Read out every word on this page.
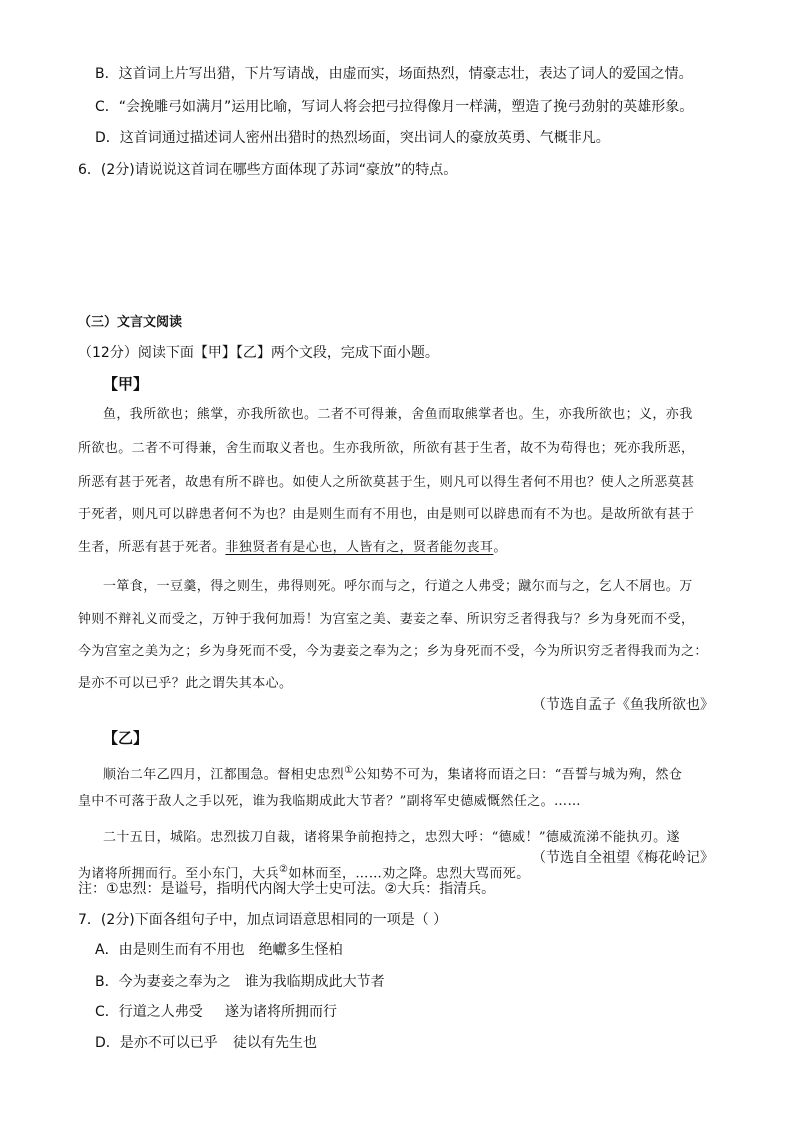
B．这首词上片写出猎，下片写请战，由虚而实，场面热烈，情豪志壮，表达了词人的爱国之情。
C．“会挽雕弓如满月”运用比喻，写词人将会把弓拉得像月一样满，塑造了挽弓劲射的英雄形象。
D．这首词通过描述词人密州出猎时的热烈场面，突出词人的豪放英勇、气概非凡。
6．(2分)请说说这首词在哪些方面体现了苏词“豪放”的特点。
（三）文言文阅读
（12分）阅读下面【甲】【乙】两个文段，完成下面小题。
【甲】
鱼，我所欲也；熊掌，亦我所欲也。二者不可得兼，舍鱼而取熊掌者也。生，亦我所欲也；义，亦我
所欲也。二者不可得兼，舍生而取义者也。生亦我所欲，所欲有甚于生者，故不为苟得也；死亦我所恶，
所恶有甚于死者，故患有所不辟也。如使人之所欲莫甚于生，则凡可以得生者何不用也？使人之所恶莫甚
于死者，则凡可以辟患者何不为也？由是则生而有不用也，由是则可以辟患而有不为也。是故所欲有甚于
生者，所恶有甚于死者。非独贤者有是心也，人皆有之，贤者能勿丧耳。
一箪食，一豆羹，得之则生，弗得则死。呼尔而与之，行道之人弗受；蹴尔而与之，乞人不屑也。万
钟则不辩礼义而受之，万钟于我何加焉！为宫室之美、妻妾之奉、所识穷乏者得我与？乡为身死而不受，
今为宫室之美为之；乡为身死而不受，今为妻妾之奉为之；乡为身死而不受，今为所识穷乏者得我而为之：
是亦不可以已乎？此之谓失其本心。
（节选自孟子《鱼我所欲也》
【乙】
顺治二年乙四月，江都围急。督相史忠烈①公知势不可为，集诸将而语之曰：“吾誓与城为殉，然仓
皇中不可落于敌人之手以死，谁为我临期成此大节者？”副将军史德威慨然任之。……
二十五日，城陷。忠烈拔刀自裁，诸将果争前抱持之，忠烈大呼：“德威！”德威流涕不能执刃。遂
为诸将所拥而行。至小东门，大兵②如林而至，……劝之降。忠烈大骂而死。
（节选自全祖望《梅花岭记》
注：①忠烈：是谥号，指明代内阁大学士史可法。②大兵：指清兵。
7．(2分)下面各组句子中，加点词语意思相同的一项是（ ）
A．由是则生而有不用也 绝巘多生怪柏
B．今为妻妾之奉为之 谁为我临期成此大节者
C．行道之人弗受 遂为诸将所拥而行
D．是亦不可以已乎 徒以有先生也
